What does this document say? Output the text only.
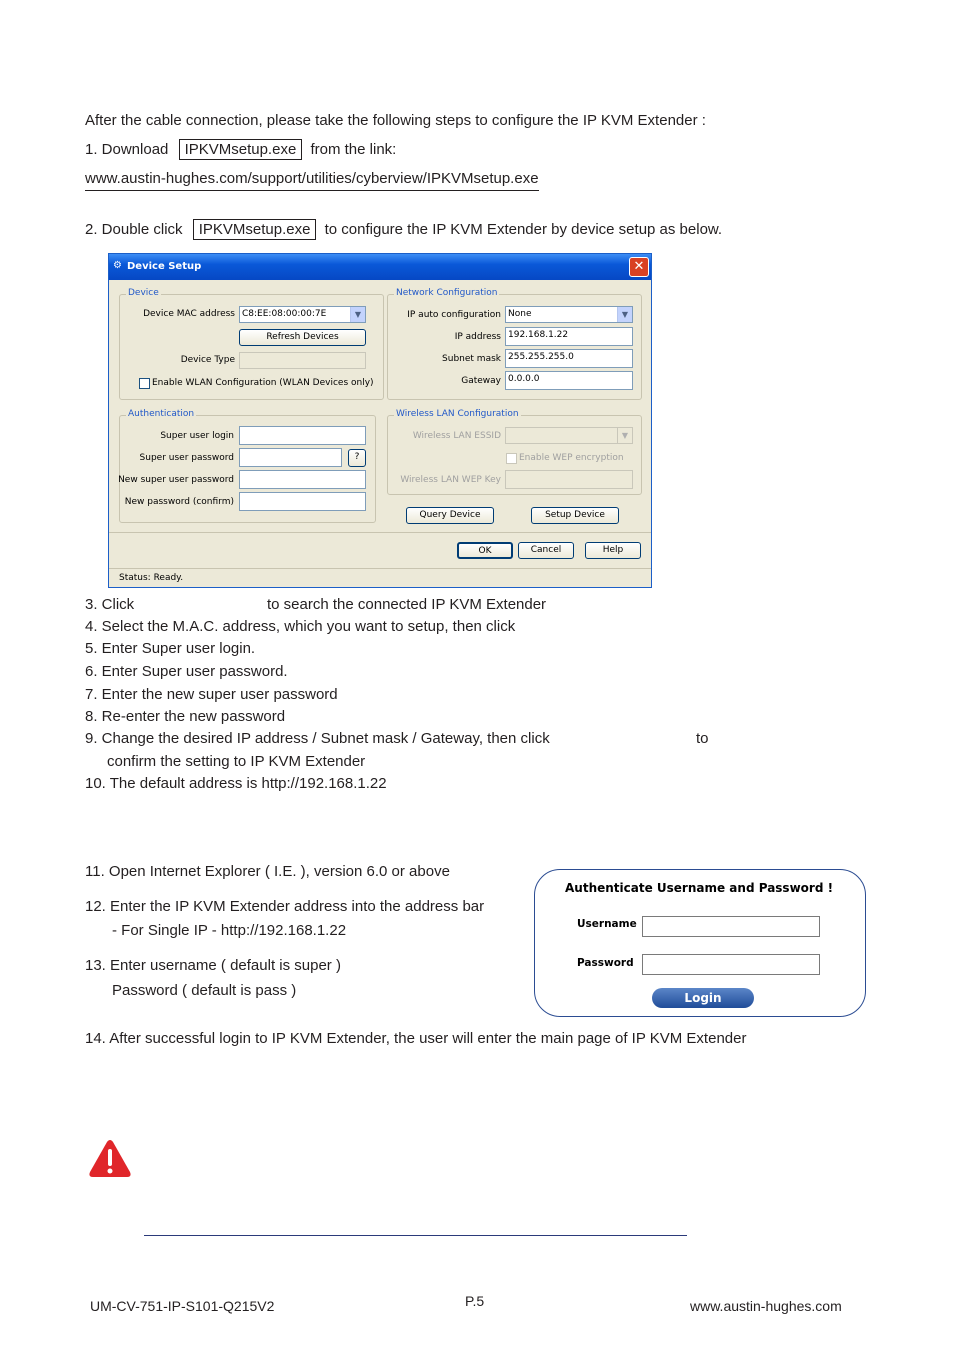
After the cable connection, please take the following steps to configure the IP KVM Extender :
1. Download IPKVMsetup.exe from the link:
www.austin-hughes.com/support/utilities/cyberview/IPKVMsetup.exe
2. Double click IPKVMsetup.exe to configure the IP KVM Extender by device setup as below.
⚙ Device Setup	✕
Device
Device MAC address C8:EE:08:00:00:7E	▼
Refresh Devices
Device Type
Enable WLAN Configuration (WLAN Devices only)
Network Configuration
IP auto configuration None	▼
IP address 192.168.1.22
Subnet mask 255.255.255.0
Gateway 0.0.0.0
Authentication
Super user login
Super user password	?
New super user password
New password (confirm)
Wireless LAN Configuration
Wireless LAN ESSID	▼
Enable WEP encryption
Wireless LAN WEP Key
Query Device	Setup Device
OK	Cancel	Help
Status: Ready.
3. Click	to search the connected IP KVM Extender
4. Select the M.A.C. address, which you want to setup, then click
5. Enter Super user login.
6. Enter Super user password.
7. Enter the new super user password
8. Re-enter the new password
9. Change the desired IP address / Subnet mask / Gateway, then click	to
confirm the setting to IP KVM Extender
10. The default address is http://192.168.1.22
11. Open Internet Explorer ( I.E. ), version 6.0 or above
12. Enter the IP KVM Extender address into the address bar
- For Single IP - http://192.168.1.22
13. Enter username ( default is super )
Password ( default is pass )
Authenticate Username and Password !
Username
Password
Login
14. After successful login to IP KVM Extender, the user will enter the main page of IP KVM Extender
UM-CV-751-IP-S101-Q215V2	P.5	www.austin-hughes.com
